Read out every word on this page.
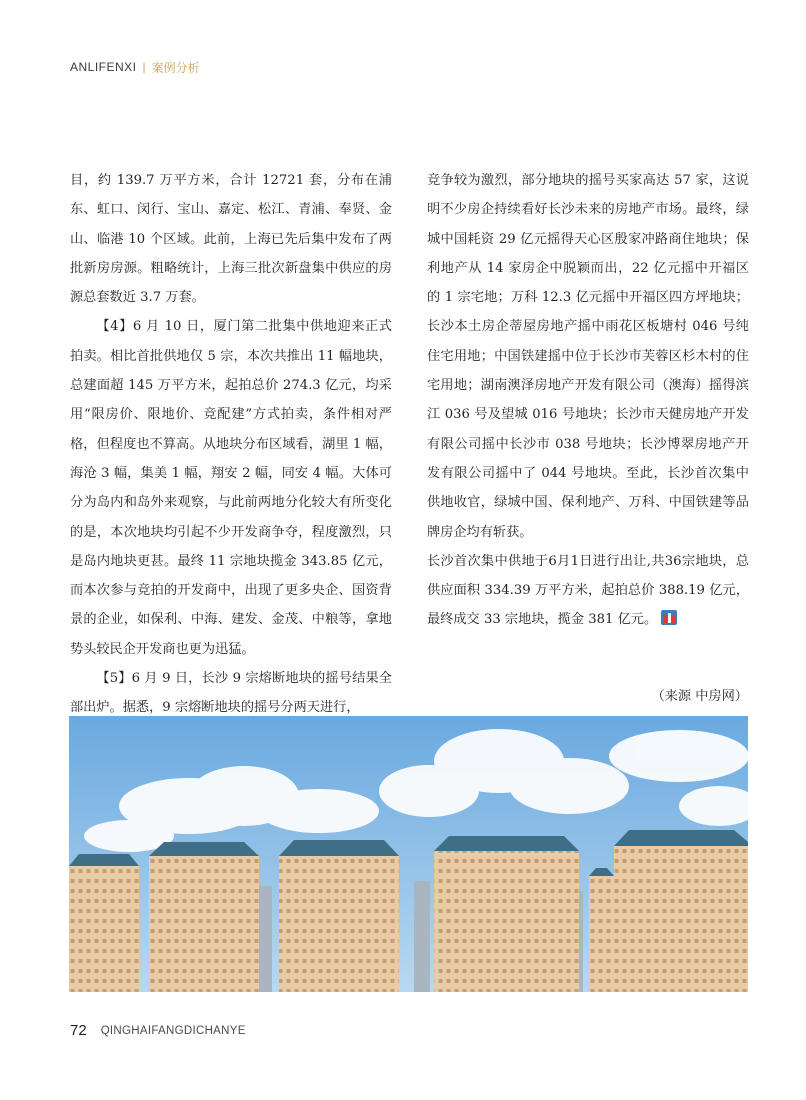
ANLIFENXI | 案例分析

目，约 139.7 万平方米，合计 12721 套，分布在浦东、虹口、闵行、宝山、嘉定、松江、青浦、奉贤、金山、临港 10 个区域。此前，上海已先后集中发布了两批新房房源。粗略统计，上海三批次新盘集中供应的房源总套数近 3.7 万套。

【4】6 月 10 日，厦门第二批集中供地迎来正式拍卖。相比首批供地仅 5 宗，本次共推出 11 幅地块，总建面超 145 万平方米，起拍总价 274.3 亿元，均采用“限房价、限地价、竞配建”方式拍卖，条件相对严格，但程度也不算高。从地块分布区域看，湖里 1 幅，海沧 3 幅，集美 1 幅，翔安 2 幅，同安 4 幅。大体可分为岛内和岛外来观察，与此前两地分化较大有所变化的是，本次地块均引起不少开发商争夺，程度激烈，只是岛内地块更甚。最终 11 宗地块揽金 343.85 亿元，而本次参与竞拍的开发商中，出现了更多央企、国资背景的企业，如保利、中海、建发、金茂、中粮等，拿地势头较民企开发商也更为迅猛。

【5】6 月 9 日，长沙 9 宗熔断地块的摇号结果全部出炉。据悉，9 宗熔断地块的摇号分两天进行，

竞争较为激烈，部分地块的摇号买家高达 57 家，这说明不少房企持续看好长沙未来的房地产市场。最终，绿城中国耗资 29 亿元摇得天心区殷家冲路商住地块；保利地产从 14 家房企中脱颖而出，22 亿元摇中开福区的 1 宗宅地；万科 12.3 亿元摇中开福区四方坪地块；长沙本土房企蒂屋房地产摇中雨花区板塘村 046 号纯住宅用地；中国铁建摇中位于长沙市芙蓉区杉木村的住宅用地；湖南澳泽房地产开发有限公司（澳海）摇得滨江 036 号及望城 016 号地块；长沙市天健房地产开发有限公司摇中长沙市 038 号地块；长沙博翠房地产开发有限公司摇中了 044 号地块。至此，长沙首次集中供地收官，绿城中国、保利地产、万科、中国铁建等品牌房企均有斩获。

长沙首次集中供地于6月1日进行出让,共36宗地块，总供应面积 334.39 万平方米，起拍总价 388.19 亿元，最终成交 33 宗地块，揽金 381 亿元。

（来源 中房网）
72 QINGHAIFANGDICHANYE
